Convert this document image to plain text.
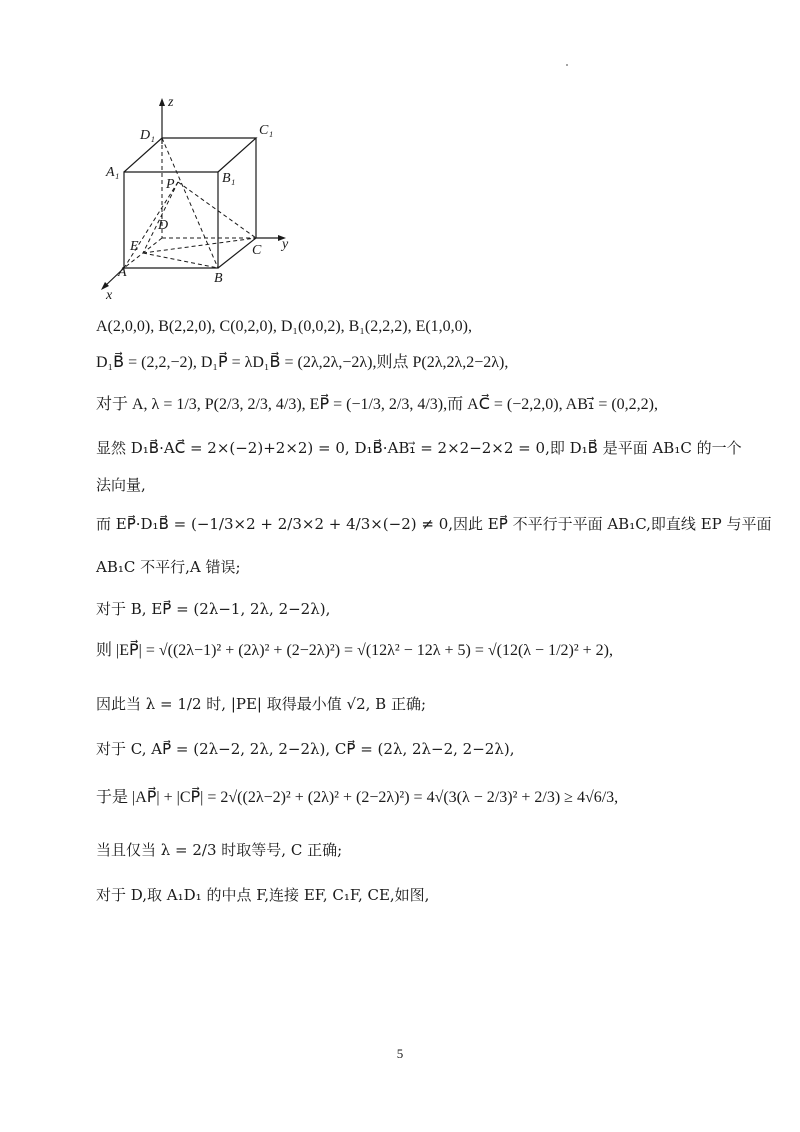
z
y
x
D₁	C₁
A₁	B₁
P
D
E	C
A	B
A(2,0,0), B(2,2,0), C(0,2,0), D₁(0,0,2), B₁(2,2,2), E(1,0,0),
D₁B⃗ = (2,2,−2), D₁P⃗ = λD₁B⃗ = (2λ,2λ,−2λ),则点 P(2λ,2λ,2−2λ),
对于 A, λ = 1/3, P(2/3, 2/3, 4/3), EP⃗ = (−1/3, 2/3, 4/3),而 AC⃗ = (−2,2,0), AB₁⃗ = (0,2,2),
显然 D₁B⃗·AC⃗ = 2×(−2)+2×2) = 0, D₁B⃗·AB₁⃗ = 2×2−2×2 = 0,即 D₁B⃗ 是平面 AB₁C 的一个
法向量,
而 EP⃗·D₁B⃗ = (−1/3×2 + 2/3×2 + 4/3×(−2) ≠ 0,因此 EP⃗ 不平行于平面 AB₁C,即直线 EP 与平面
AB₁C 不平行,A 错误;
对于 B, EP⃗ = (2λ−1, 2λ, 2−2λ),
则 |EP⃗| = √((2λ−1)² + (2λ)² + (2−2λ)²) = √(12λ² − 12λ + 5) = √(12(λ − 1/2)² + 2),
因此当 λ = 1/2 时, |PE| 取得最小值 √2, B 正确;
对于 C, AP⃗ = (2λ−2, 2λ, 2−2λ), CP⃗ = (2λ, 2λ−2, 2−2λ),
于是 |AP⃗| + |CP⃗| = 2√((2λ−2)² + (2λ)² + (2−2λ)²) = 4√(3(λ − 2/3)² + 2/3) ≥ 4√6/3,
当且仅当 λ = 2/3 时取等号, C 正确;
对于 D,取 A₁D₁ 的中点 F,连接 EF, C₁F, CE,如图,
5
